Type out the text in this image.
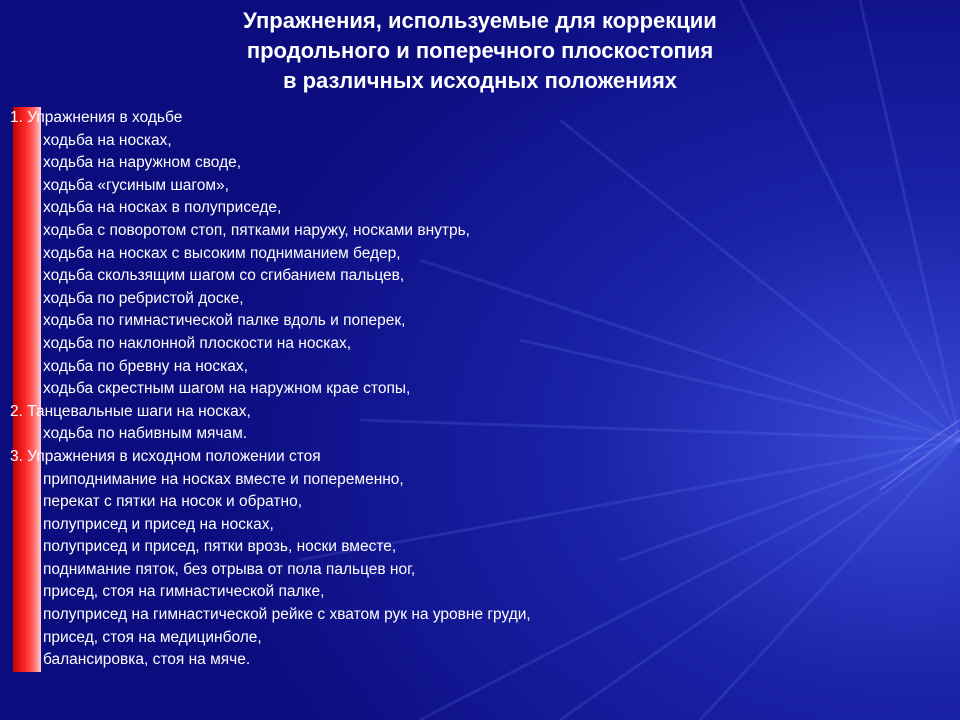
Упражнения, используемые для коррекции
продольного и поперечного плоскостопия
в различных исходных положениях
1. Упражнения в ходьбе
· ходьба на носках,
· ходьба на наружном своде,
· ходьба «гусиным шагом»,
· ходьба на носках в полуприседе,
· ходьба с поворотом стоп, пятками наружу, носками внутрь,
· ходьба на носках с высоким подниманием бедер,
· ходьба скользящим шагом со сгибанием пальцев,
· ходьба по ребристой доске,
· ходьба по гимнастической палке вдоль и поперек,
· ходьба по наклонной плоскости на носках,
· ходьба по бревну на носках,
· ходьба скрестным шагом на наружном крае стопы,
2. Танцевальные шаги на носках,
· ходьба по набивным мячам.
3. Упражнения в исходном положении стоя
· приподнимание на носках вместе и попеременно,
· перекат с пятки на носок и обратно,
· полуприсед и присед на носках,
· полуприсед и присед, пятки врозь, носки вместе,
· поднимание пяток, без отрыва от пола пальцев ног,
· присед, стоя на гимнастической палке,
· полуприсед на гимнастической рейке с хватом рук на уровне груди,
· присед, стоя на медицинболе,
· балансировка, стоя на мяче.
